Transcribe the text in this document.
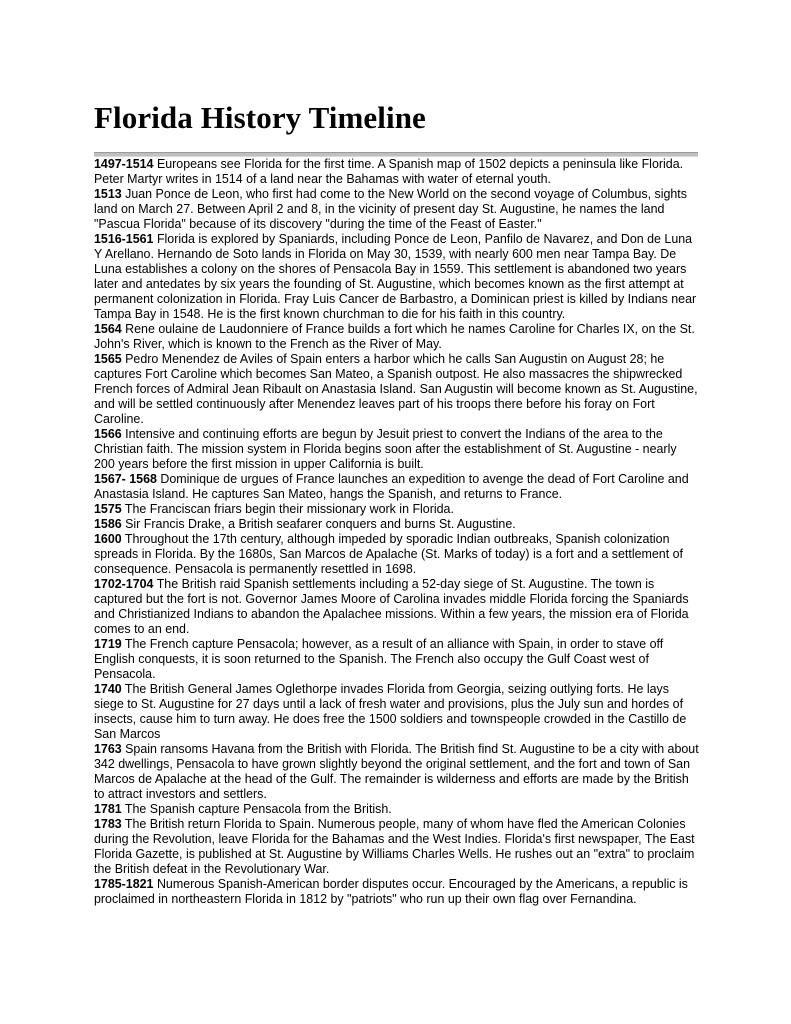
Florida History Timeline

1497-1514 Europeans see Florida for the first time. A Spanish map of 1502 depicts a peninsula like Florida. Peter Martyr writes in 1514 of a land near the Bahamas with water of eternal youth.

1513 Juan Ponce de Leon, who first had come to the New World on the second voyage of Columbus, sights land on March 27. Between April 2 and 8, in the vicinity of present day St. Augustine, he names the land "Pascua Florida" because of its discovery "during the time of the Feast of Easter."

1516-1561 Florida is explored by Spaniards, including Ponce de Leon, Panfilo de Navarez, and Don de Luna Y Arellano. Hernando de Soto lands in Florida on May 30, 1539, with nearly 600 men near Tampa Bay. De Luna establishes a colony on the shores of Pensacola Bay in 1559. This settlement is abandoned two years later and antedates by six years the founding of St. Augustine, which becomes known as the first attempt at permanent colonization in Florida. Fray Luis Cancer de Barbastro, a Dominican priest is killed by Indians near Tampa Bay in 1548. He is the first known churchman to die for his faith in this country.

1564 Rene oulaine de Laudonniere of France builds a fort which he names Caroline for Charles IX, on the St. John's River, which is known to the French as the River of May.

1565 Pedro Menendez de Aviles of Spain enters a harbor which he calls San Augustin on August 28; he captures Fort Caroline which becomes San Mateo, a Spanish outpost. He also massacres the shipwrecked French forces of Admiral Jean Ribault on Anastasia Island. San Augustin will become known as St. Augustine, and will be settled continuously after Menendez leaves part of his troops there before his foray on Fort Caroline.

1566 Intensive and continuing efforts are begun by Jesuit priest to convert the Indians of the area to the Christian faith. The mission system in Florida begins soon after the establishment of St. Augustine - nearly 200 years before the first mission in upper California is built.

1567- 1568 Dominique de urgues of France launches an expedition to avenge the dead of Fort Caroline and Anastasia Island. He captures San Mateo, hangs the Spanish, and returns to France.

1575 The Franciscan friars begin their missionary work in Florida.

1586 Sir Francis Drake, a British seafarer conquers and burns St. Augustine.

1600 Throughout the 17th century, although impeded by sporadic Indian outbreaks, Spanish colonization spreads in Florida. By the 1680s, San Marcos de Apalache (St. Marks of today) is a fort and a settlement of consequence. Pensacola is permanently resettled in 1698.

1702-1704 The British raid Spanish settlements including a 52-day siege of St. Augustine. The town is captured but the fort is not. Governor James Moore of Carolina invades middle Florida forcing the Spaniards and Christianized Indians to abandon the Apalachee missions. Within a few years, the mission era of Florida comes to an end.

1719 The French capture Pensacola; however, as a result of an alliance with Spain, in order to stave off English conquests, it is soon returned to the Spanish. The French also occupy the Gulf Coast west of Pensacola.

1740 The British General James Oglethorpe invades Florida from Georgia, seizing outlying forts. He lays siege to St. Augustine for 27 days until a lack of fresh water and provisions, plus the July sun and hordes of insects, cause him to turn away. He does free the 1500 soldiers and townspeople crowded in the Castillo de San Marcos

1763 Spain ransoms Havana from the British with Florida. The British find St. Augustine to be a city with about 342 dwellings, Pensacola to have grown slightly beyond the original settlement, and the fort and town of San Marcos de Apalache at the head of the Gulf. The remainder is wilderness and efforts are made by the British to attract investors and settlers.

1781 The Spanish capture Pensacola from the British.

1783 The British return Florida to Spain. Numerous people, many of whom have fled the American Colonies during the Revolution, leave Florida for the Bahamas and the West Indies. Florida's first newspaper, The East Florida Gazette, is published at St. Augustine by Williams Charles Wells. He rushes out an "extra" to proclaim the British defeat in the Revolutionary War.

1785-1821 Numerous Spanish-American border disputes occur. Encouraged by the Americans, a republic is proclaimed in northeastern Florida in 1812 by "patriots" who run up their own flag over Fernandina.
